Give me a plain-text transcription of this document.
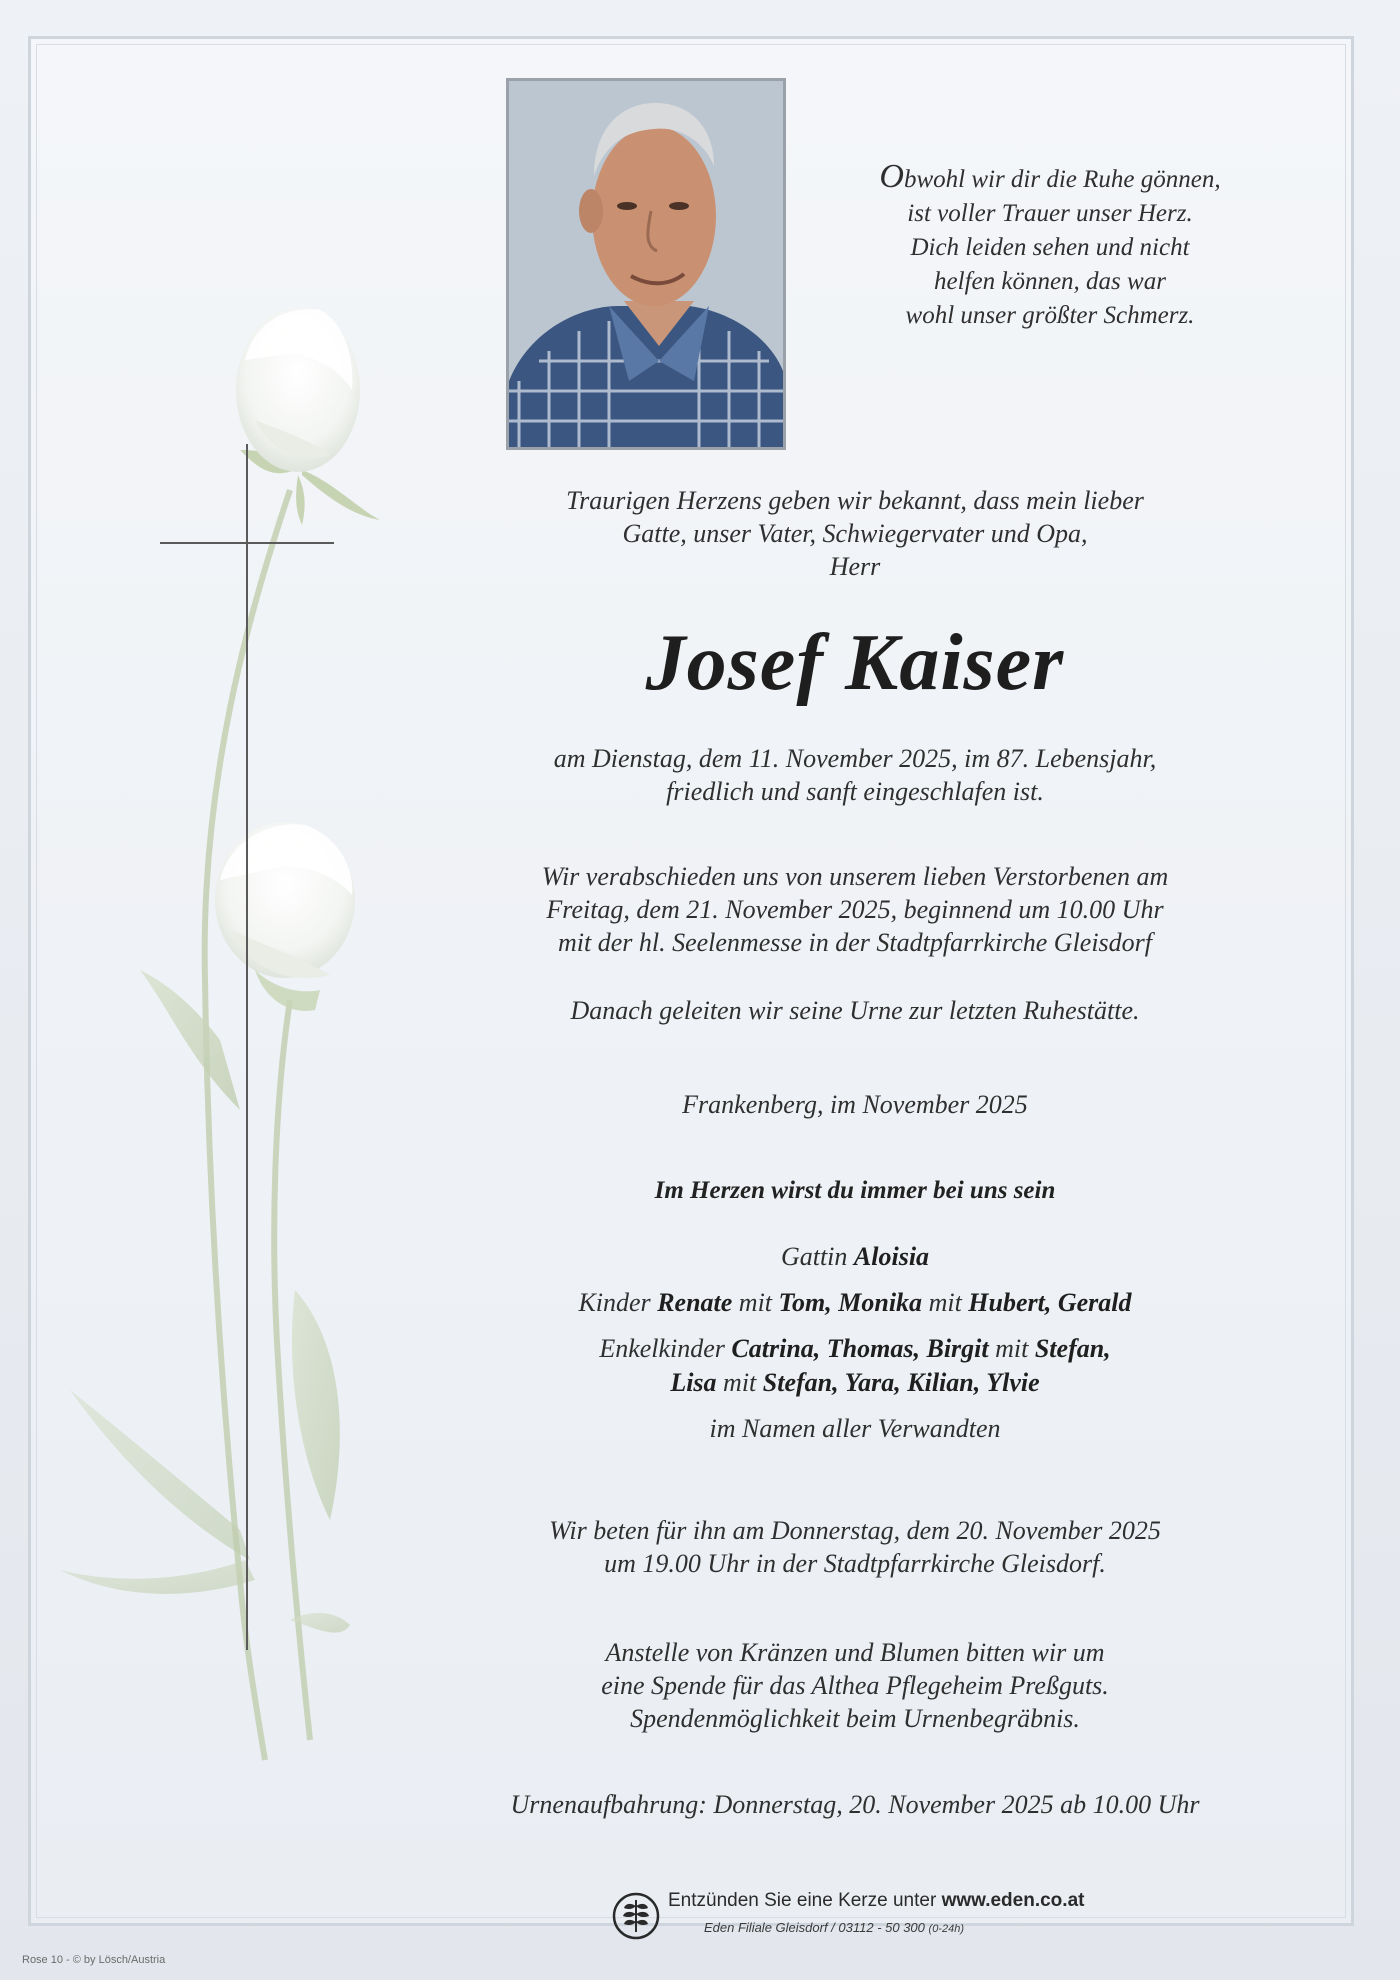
Obwohl wir dir die Ruhe gönnen,
ist voller Trauer unser Herz.
Dich leiden sehen und nicht
helfen können, das war
wohl unser größter Schmerz.
Traurigen Herzens geben wir bekannt, dass mein lieber
Gatte, unser Vater, Schwiegervater und Opa,
Herr
Josef Kaiser
am Dienstag, dem 11. November 2025, im 87. Lebensjahr,
friedlich und sanft eingeschlafen ist.
Wir verabschieden uns von unserem lieben Verstorbenen am
Freitag, dem 21. November 2025, beginnend um 10.00 Uhr
mit der hl. Seelenmesse in der Stadtpfarrkirche Gleisdorf
Danach geleiten wir seine Urne zur letzten Ruhestätte.
Frankenberg, im November 2025
Im Herzen wirst du immer bei uns sein
Gattin Aloisia
Kinder Renate mit Tom, Monika mit Hubert, Gerald
Enkelkinder Catrina, Thomas, Birgit mit Stefan,
Lisa mit Stefan, Yara, Kilian, Ylvie
im Namen aller Verwandten
Wir beten für ihn am Donnerstag, dem 20. November 2025
um 19.00 Uhr in der Stadtpfarrkirche Gleisdorf.
Anstelle von Kränzen und Blumen bitten wir um
eine Spende für das Althea Pflegeheim Preßguts.
Spendenmöglichkeit beim Urnenbegräbnis.
Urnenaufbahrung: Donnerstag, 20. November 2025 ab 10.00 Uhr
Entzünden Sie eine Kerze unter www.eden.co.at
Eden Filiale Gleisdorf / 03112 - 50 300 (0-24h)
Rose 10 - © by Lösch/Austria
